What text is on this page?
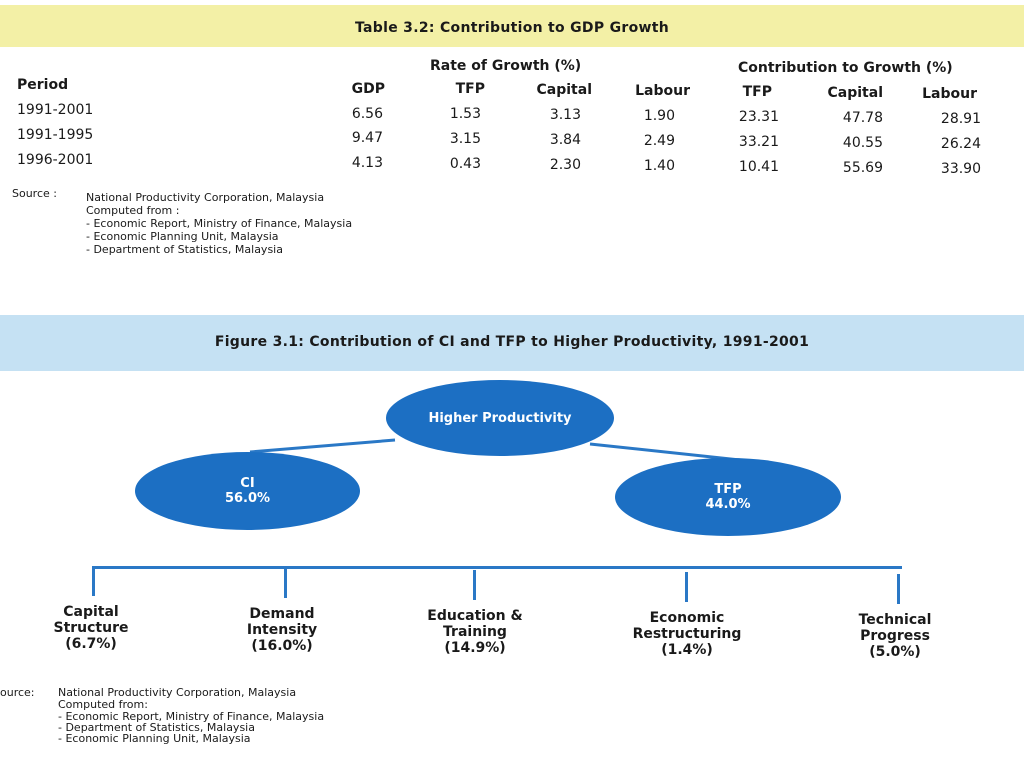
Table 3.2: Contribution to GDP Growth
Rate of Growth (%)	Contribution to Growth (%)
Period	GDP	TFP	Capital	Labour	TFP	Capital	Labour
1991-2001	6.56	1.53	3.13	1.90	23.31	47.78	28.91
1991-1995	9.47	3.15	3.84	2.49	33.21	40.55	26.24
1996-2001	4.13	0.43	2.30	1.40	10.41	55.69	33.90
Source :	National Productivity Corporation, Malaysia
Computed from :
- Economic Report, Ministry of Finance, Malaysia
- Economic Planning Unit, Malaysia
- Department of Statistics, Malaysia
Figure 3.1: Contribution of CI and TFP to Higher Productivity, 1991-2001
Higher Productivity
CI
56.0%
TFP
44.0%
Capital
Structure
(6.7%)
Demand
Intensity
(16.0%)
Education &
Training
(14.9%)
Economic
Restructuring
(1.4%)
Technical
Progress
(5.0%)
ource: National Productivity Corporation, Malaysia
Computed from:
- Economic Report, Ministry of Finance, Malaysia
- Department of Statistics, Malaysia
- Economic Planning Unit, Malaysia
